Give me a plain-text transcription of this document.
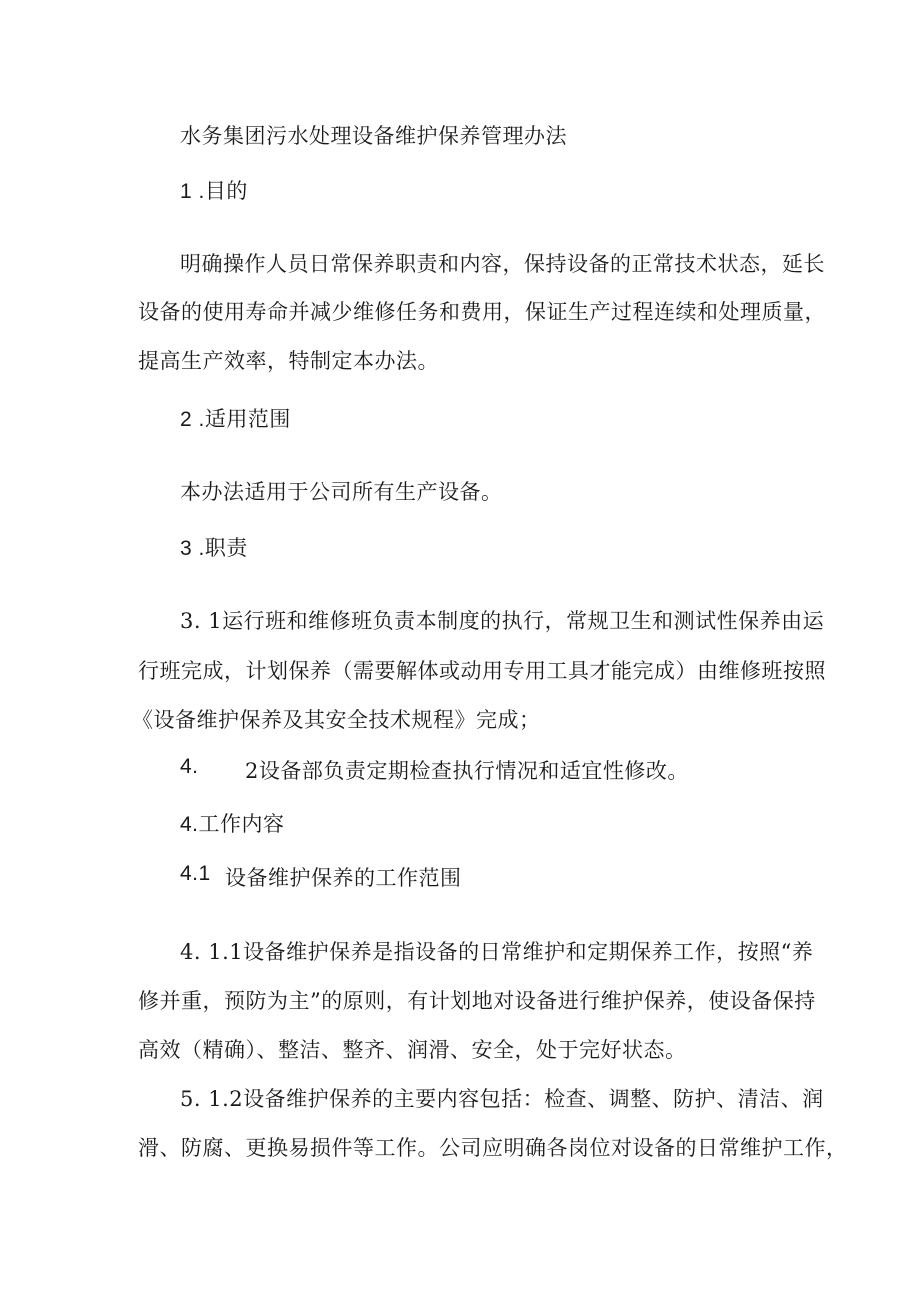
水务集团污水处理设备维护保养管理办法
1 .目的
明确操作人员日常保养职责和内容，保持设备的正常技术状态，延长
设备的使用寿命并减少维修任务和费用，保证生产过程连续和处理质量，
提高生产效率，特制定本办法。
2 .适用范围
本办法适用于公司所有生产设备。
3 .职责
3. 1运行班和维修班负责本制度的执行，常规卫生和测试性保养由运
行班完成，计划保养（需要解体或动用专用工具才能完成）由维修班按照
《设备维护保养及其安全技术规程》完成；
4. 2设备部负责定期检查执行情况和适宜性修改。
4.工作内容
4.1 设备维护保养的工作范围
4. 1.1设备维护保养是指设备的日常维护和定期保养工作，按照“养
修并重，预防为主”的原则，有计划地对设备进行维护保养，使设备保持
高效（精确）、整洁、整齐、润滑、安全，处于完好状态。
5. 1.2设备维护保养的主要内容包括：检查、调整、防护、清洁、润
滑、防腐、更换易损件等工作。公司应明确各岗位对设备的日常维护工作，
